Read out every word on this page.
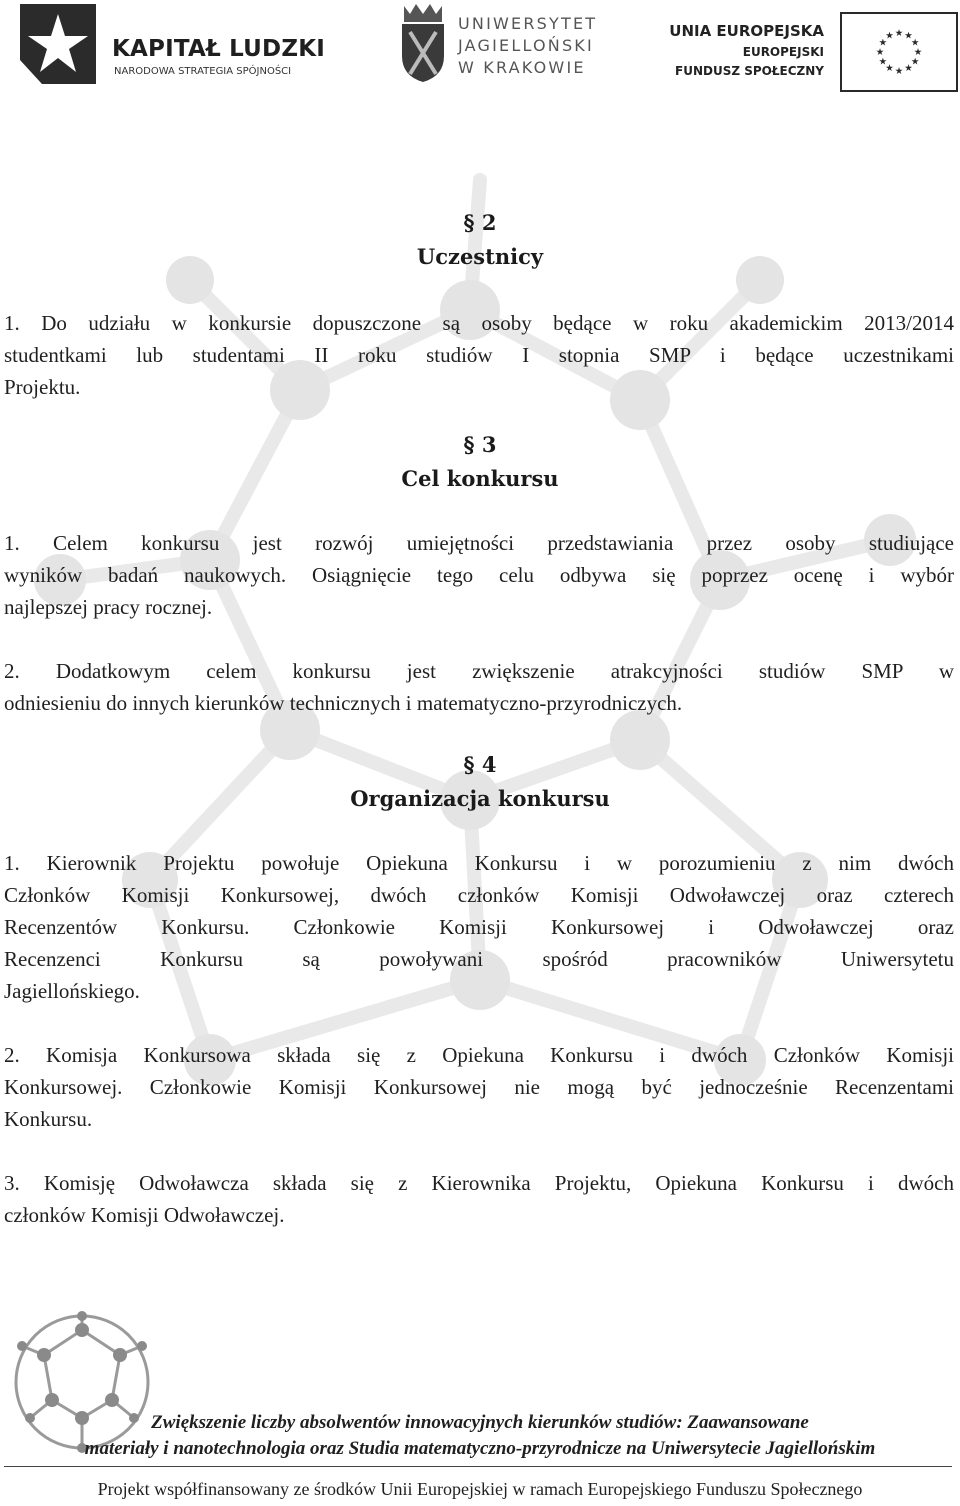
KAPITAŁ LUDZKI
NARODOWA STRATEGIA SPÓJNOŚCI
UNIWERSYTET
JAGIELLOŃSKI
W KRAKOWIE
UNIA EUROPEJSKA
EUROPEJSKI
FUNDUSZ SPOŁECZNY
★ ★
★
★
★
★
★
★
★
★
★
★
§ 2
Uczestnicy
1. Do udziału w konkursie dopuszczone są osoby będące w roku akademickim 2013/2014
studentkami lub studentami II roku studiów I stopnia SMP i będące uczestnikami
Projektu.
§ 3
Cel konkursu
1. Celem konkursu jest rozwój umiejętności przedstawiania przez osoby studiujące
wyników badań naukowych. Osiągnięcie tego celu odbywa się poprzez ocenę i wybór
najlepszej pracy rocznej.
2. Dodatkowym celem konkursu jest zwiększenie atrakcyjności studiów SMP w
odniesieniu do innych kierunków technicznych i matematyczno-przyrodniczych.
§ 4
Organizacja konkursu
1. Kierownik Projektu powołuje Opiekuna Konkursu i w porozumieniu z nim dwóch
Członków Komisji Konkursowej, dwóch członków Komisji Odwoławczej oraz czterech
Recenzentów Konkursu. Członkowie Komisji Konkursowej i Odwoławczej oraz
Recenzenci Konkursu są powoływani spośród pracowników Uniwersytetu
Jagiellońskiego.
2. Komisja Konkursowa składa się z Opiekuna Konkursu i dwóch Członków Komisji
Konkursowej. Członkowie Komisji Konkursowej nie mogą być jednocześnie Recenzentami
Konkursu.
3. Komisję Odwoławcza składa się z Kierownika Projektu, Opiekuna Konkursu i dwóch
członków Komisji Odwoławczej.
Zwiększenie liczby absolwentów innowacyjnych kierunków studiów: Zaawansowane
materiały i nanotechnologia oraz Studia matematyczno-przyrodnicze na Uniwersytecie Jagiellońskim
Projekt współfinansowany ze środków Unii Europejskiej w ramach Europejskiego Funduszu Społecznego
